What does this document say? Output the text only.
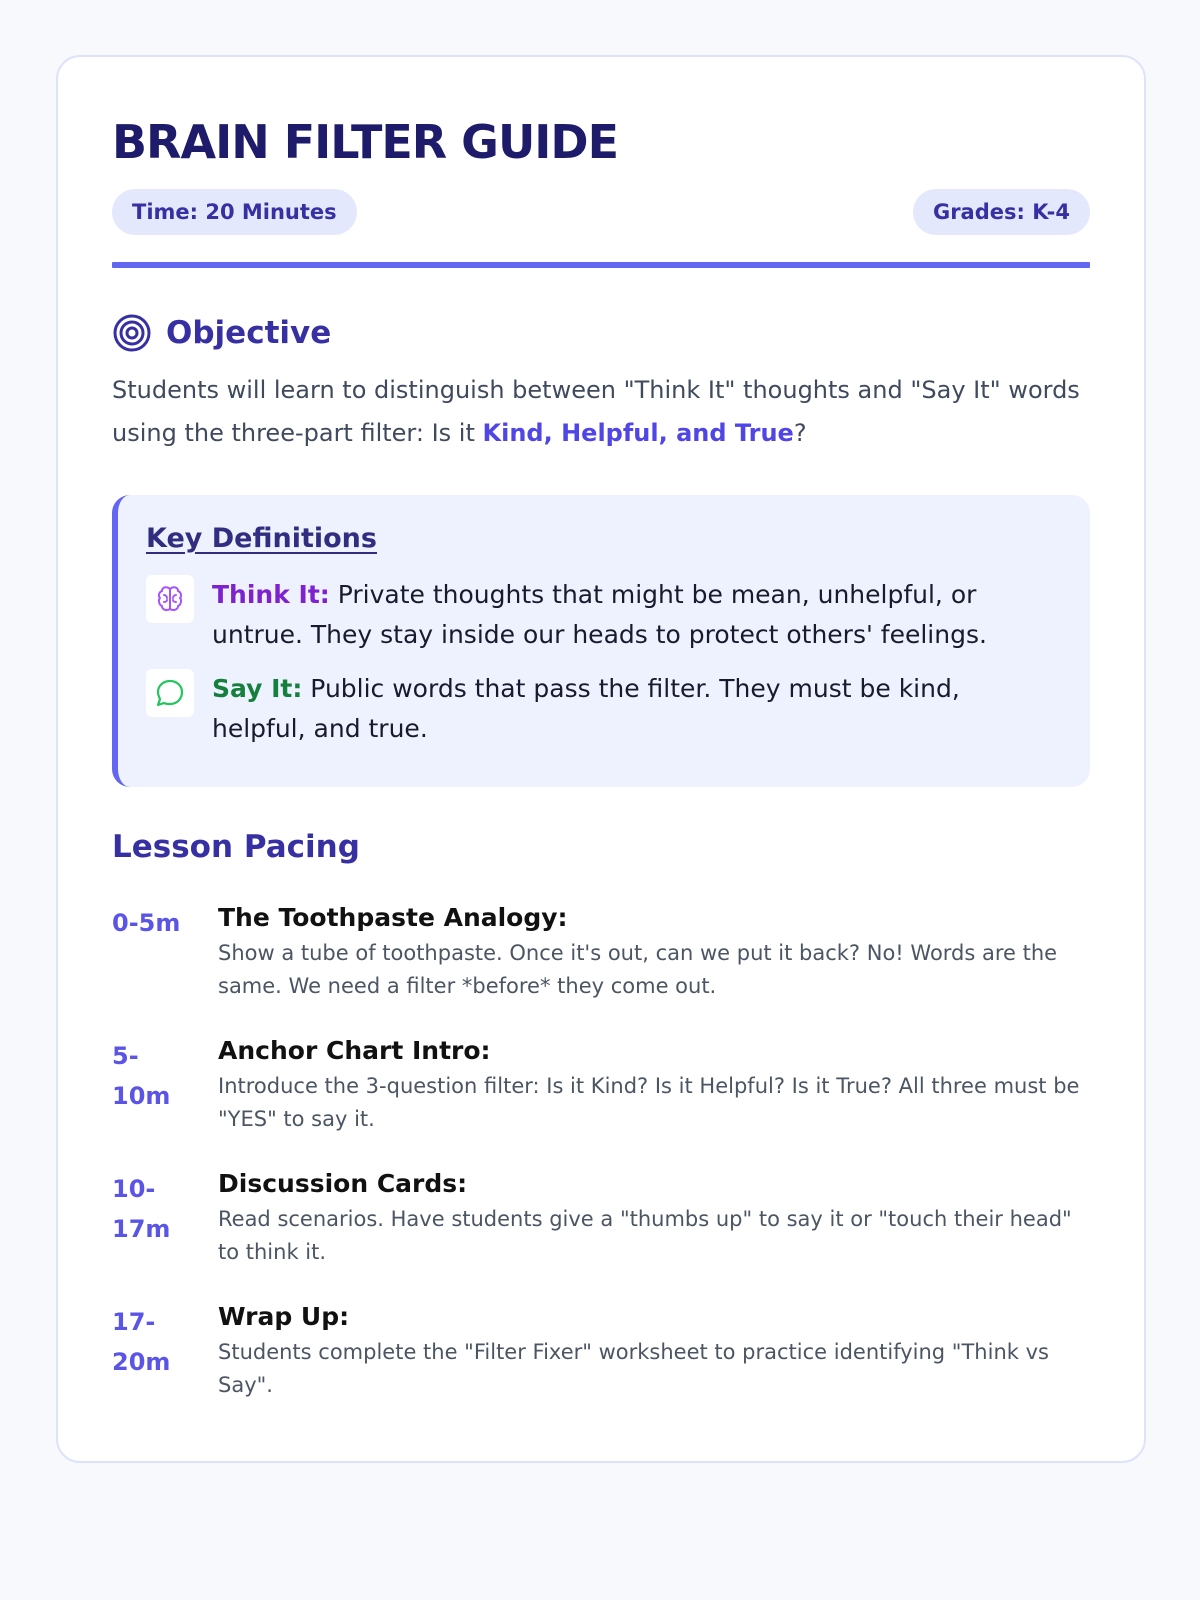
BRAIN FILTER GUIDE
Time: 20 Minutes	Grades: K-4
Objective

Students will learn to distinguish between "Think It" thoughts and "Say It" words using the three-part filter: Is it Kind, Helpful, and True?

Key Definitions
Think It: Private thoughts that might be mean, unhelpful, or untrue. They stay inside our heads to protect others' feelings.
Say It: Public words that pass the filter. They must be kind, helpful, and true.
Lesson Pacing
0-5m	The Toothpaste Analogy:
Show a tube of toothpaste. Once it's out, can we put it back? No! Words are the same. We need a filter *before* they come out.
5-
10m
Anchor Chart Intro:
Introduce the 3-question filter: Is it Kind? Is it Helpful? Is it True? All three must be "YES" to say it.
10-
17m
Discussion Cards:
Read scenarios. Have students give a "thumbs up" to say it or "touch their head" to think it.
17-
20m
Wrap Up:
Students complete the "Filter Fixer" worksheet to practice identifying "Think vs Say".
